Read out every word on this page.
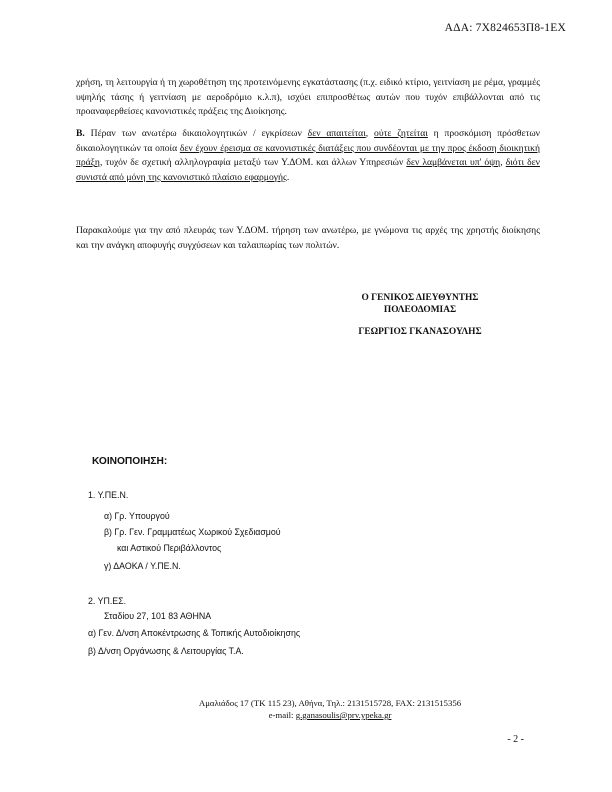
ΑΔΑ: 7Χ824653Π8-1ΕΧ

χρήση, τη λειτουργία ή τη χωροθέτηση της προτεινόμενης εγκατάστασης (π.χ. ειδικό κτίριο, γειτνίαση με ρέμα, γραμμές υψηλής τάσης ή γειτνίαση με αεροδρόμιο κ.λ.π), ισχύει επιπροσθέτως αυτών που τυχόν επιβάλλονται από τις προαναφερθείσες κανονιστικές πράξεις της Διοίκησης.

Β. Πέραν των ανωτέρω δικαιολογητικών / εγκρίσεων δεν απαιτείται, ούτε ζητείται η προσκόμιση πρόσθετων δικαιολογητικών τα οποία δεν έχουν έρεισμα σε κανονιστικές διατάξεις που συνδέονται με την προς έκδοση διοικητική πράξη, τυχόν δε σχετική αλληλογραφία μεταξύ των Υ.ΔΟΜ. και άλλων Υπηρεσιών δεν λαμβάνεται υπ' όψη, διότι δεν συνιστά από μόνη της κανονιστικό πλαίσιο εφαρμογής.

Παρακαλούμε για την από πλευράς των Υ.ΔΟΜ. τήρηση των ανωτέρω, με γνώμονα τις αρχές της χρηστής διοίκησης και την ανάγκη αποφυγής συγχύσεων και ταλαιπωρίας των πολιτών.

Ο ΓΕΝΙΚΟΣ ΔΙΕΥΘΥΝΤΗΣ
ΠΟΛΕΟΔΟΜΙΑΣ
ΓΕΩΡΓΙΟΣ ΓΚΑΝΑΣΟΥΛΗΣ
ΚΟΙΝΟΠΟΙΗΣΗ:
1. Υ.ΠΕ.Ν.
α) Γρ. Υπουργού
β) Γρ. Γεν. Γραμματέως Χωρικού Σχεδιασμού
και Αστικού Περιβάλλοντος
γ) ΔΑΟΚΑ / Υ.ΠΕ.Ν.
2. ΥΠ.ΕΣ.
Σταδίου 27, 101 83 ΑΘΗΝΑ
α) Γεν. Δ/νση Αποκέντρωσης & Τοπικής Αυτοδιοίκησης
β) Δ/νση Οργάνωσης & Λειτουργίας Τ.Α.
Αμαλιάδος 17 (ΤΚ 115 23), Αθήνα, Τηλ.: 2131515728, FAX: 2131515356
e-mail: g.ganasoulis@prv.ypeka.gr
- 2 -
